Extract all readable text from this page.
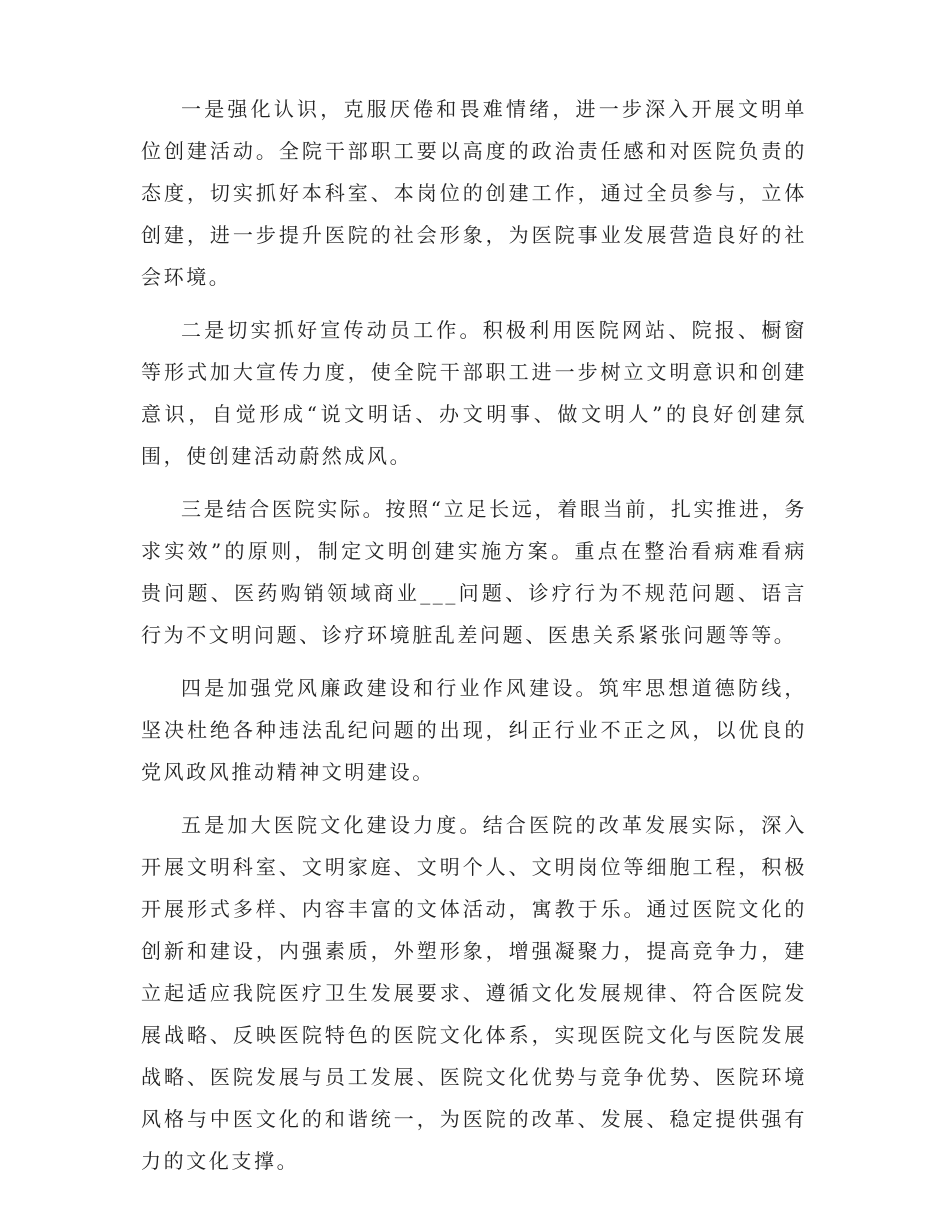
一是强化认识，克服厌倦和畏难情绪，进一步深入开展文明单位创建活动。全院干部职工要以高度的政治责任感和对医院负责的态度，切实抓好本科室、本岗位的创建工作，通过全员参与，立体创建，进一步提升医院的社会形象，为医院事业发展营造良好的社会环境。

二是切实抓好宣传动员工作。积极利用医院网站、院报、橱窗等形式加大宣传力度，使全院干部职工进一步树立文明意识和创建意识，自觉形成“说文明话、办文明事、做文明人”的良好创建氛围，使创建活动蔚然成风。

三是结合医院实际。按照“立足长远，着眼当前，扎实推进，务求实效”的原则，制定文明创建实施方案。重点在整治看病难看病贵问题、医药购销领域商业___问题、诊疗行为不规范问题、语言行为不文明问题、诊疗环境脏乱差问题、医患关系紧张问题等等。

四是加强党风廉政建设和行业作风建设。筑牢思想道德防线，坚决杜绝各种违法乱纪问题的出现，纠正行业不正之风，以优良的党风政风推动精神文明建设。

五是加大医院文化建设力度。结合医院的改革发展实际，深入开展文明科室、文明家庭、文明个人、文明岗位等细胞工程，积极开展形式多样、内容丰富的文体活动，寓教于乐。通过医院文化的创新和建设，内强素质，外塑形象，增强凝聚力，提高竞争力，建立起适应我院医疗卫生发展要求、遵循文化发展规律、符合医院发展战略、反映医院特色的医院文化体系，实现医院文化与医院发展战略、医院发展与员工发展、医院文化优势与竞争优势、医院环境风格与中医文化的和谐统一，为医院的改革、发展、稳定提供强有力的文化支撑。
